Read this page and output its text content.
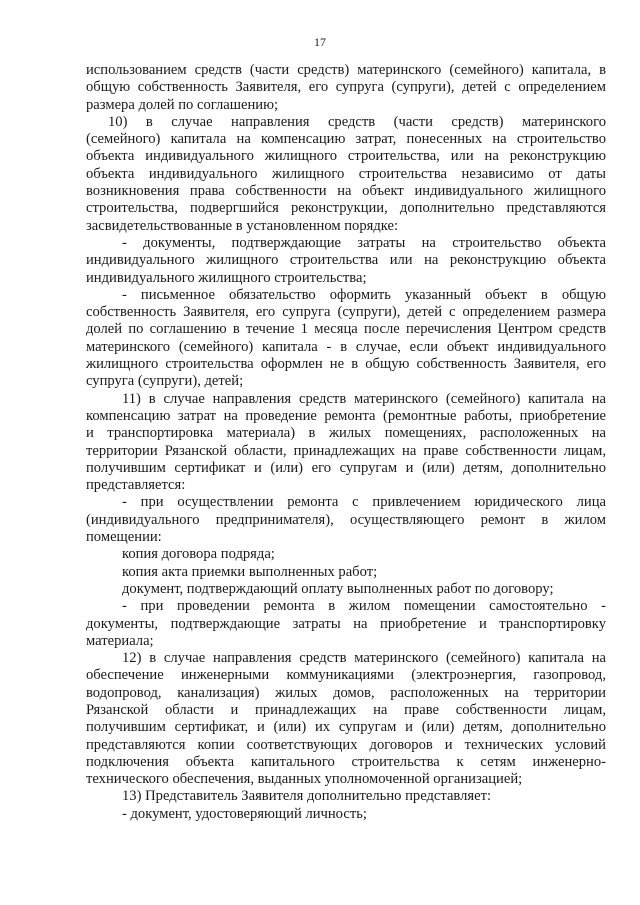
17
использованием средств (части средств) материнского (семейного) капитала, в
общую собственность Заявителя, его супруга (супруги), детей с определением
размера долей по соглашению;
10) в случае направления средств (части средств) материнского
(семейного) капитала на компенсацию затрат, понесенных на строительство
объекта индивидуального жилищного строительства, или на реконструкцию
объекта индивидуального жилищного строительства независимо от даты
возникновения права собственности на объект индивидуального жилищного
строительства, подвергшийся реконструкции, дополнительно представляются
засвидетельствованные в установленном порядке:
- документы, подтверждающие затраты на строительство объекта
индивидуального жилищного строительства или на реконструкцию объекта
индивидуального жилищного строительства;
- письменное обязательство оформить указанный объект в общую
собственность Заявителя, его супруга (супруги), детей с определением размера
долей по соглашению в течение 1 месяца после перечисления Центром средств
материнского (семейного) капитала - в случае, если объект индивидуального
жилищного строительства оформлен не в общую собственность Заявителя, его
супруга (супруги), детей;
11) в случае направления средств материнского (семейного) капитала на
компенсацию затрат на проведение ремонта (ремонтные работы, приобретение
и транспортировка материала) в жилых помещениях, расположенных на
территории Рязанской области, принадлежащих на праве собственности лицам,
получившим сертификат и (или) его супругам и (или) детям, дополнительно
представляется:
- при осуществлении ремонта с привлечением юридического лица
(индивидуального предпринимателя), осуществляющего ремонт в жилом
помещении:
копия договора подряда;
копия акта приемки выполненных работ;
документ, подтверждающий оплату выполненных работ по договору;
- при проведении ремонта в жилом помещении самостоятельно -
документы, подтверждающие затраты на приобретение и транспортировку
материала;
12) в случае направления средств материнского (семейного) капитала на
обеспечение инженерными коммуникациями (электроэнергия, газопровод,
водопровод, канализация) жилых домов, расположенных на территории
Рязанской области и принадлежащих на праве собственности лицам,
получившим сертификат, и (или) их супругам и (или) детям, дополнительно
представляются копии соответствующих договоров и технических условий
подключения объекта капитального строительства к сетям инженерно-
технического обеспечения, выданных уполномоченной организацией;
13) Представитель Заявителя дополнительно представляет:
- документ, удостоверяющий личность;
